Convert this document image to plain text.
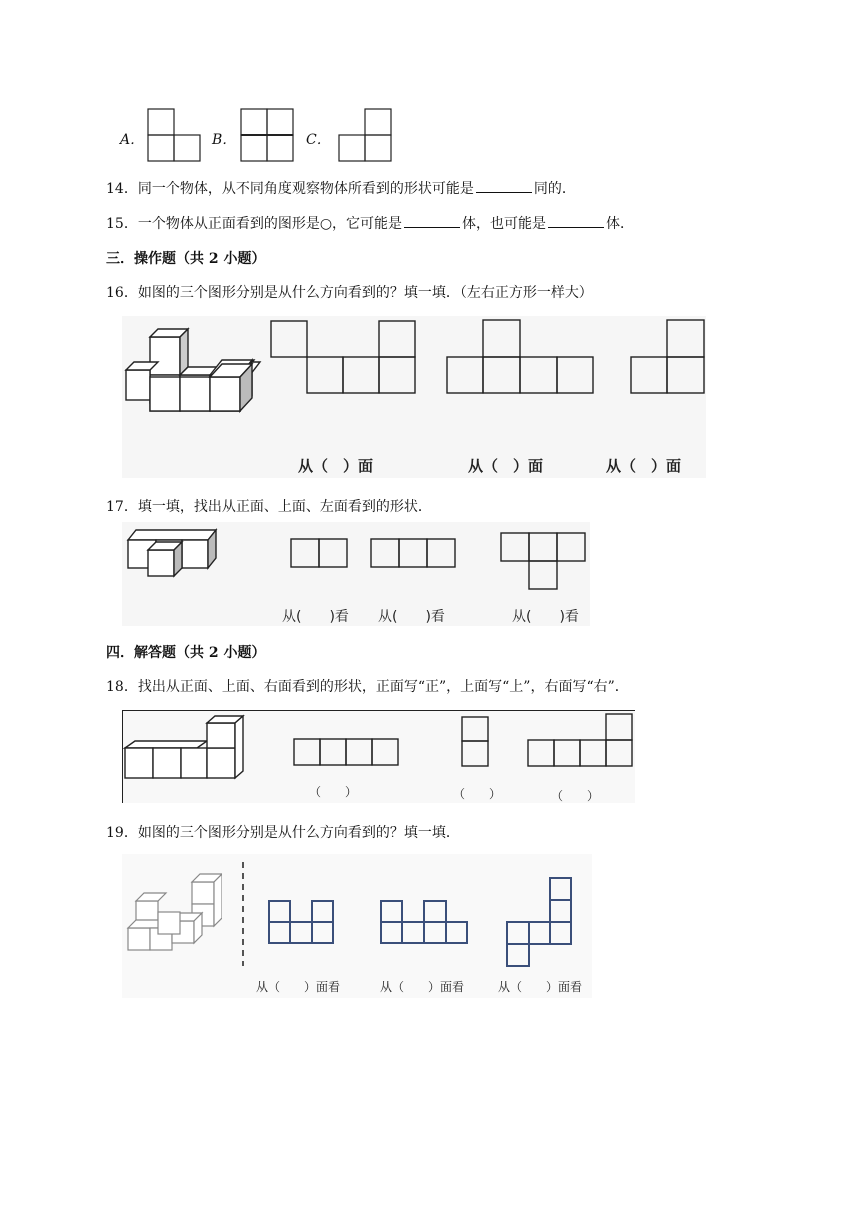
A．	B．	C．
14．同一个物体，从不同角度观察物体所看到的形状可能是	同的．
15．一个物体从正面看到的图形是○，它可能是	体，也可能是	体．
三．操作题（共 2 小题）
16．如图的三个图形分别是从什么方向看到的？填一填．（左右正方形一样大）
从（　）面	从（　）面	从（　）面
17．填一填，找出从正面、上面、左面看到的形状．
从(　　)看 从(　　)看	从(　　)看
四．解答题（共 2 小题）
18．找出从正面、上面、右面看到的形状，正面写“正”，上面写“上”，右面写“右”．
（　　）	（　　）	（　　）
19．如图的三个图形分别是从什么方向看到的？填一填．
从（　　）面看	从（　　）面看	从（　　）面看
